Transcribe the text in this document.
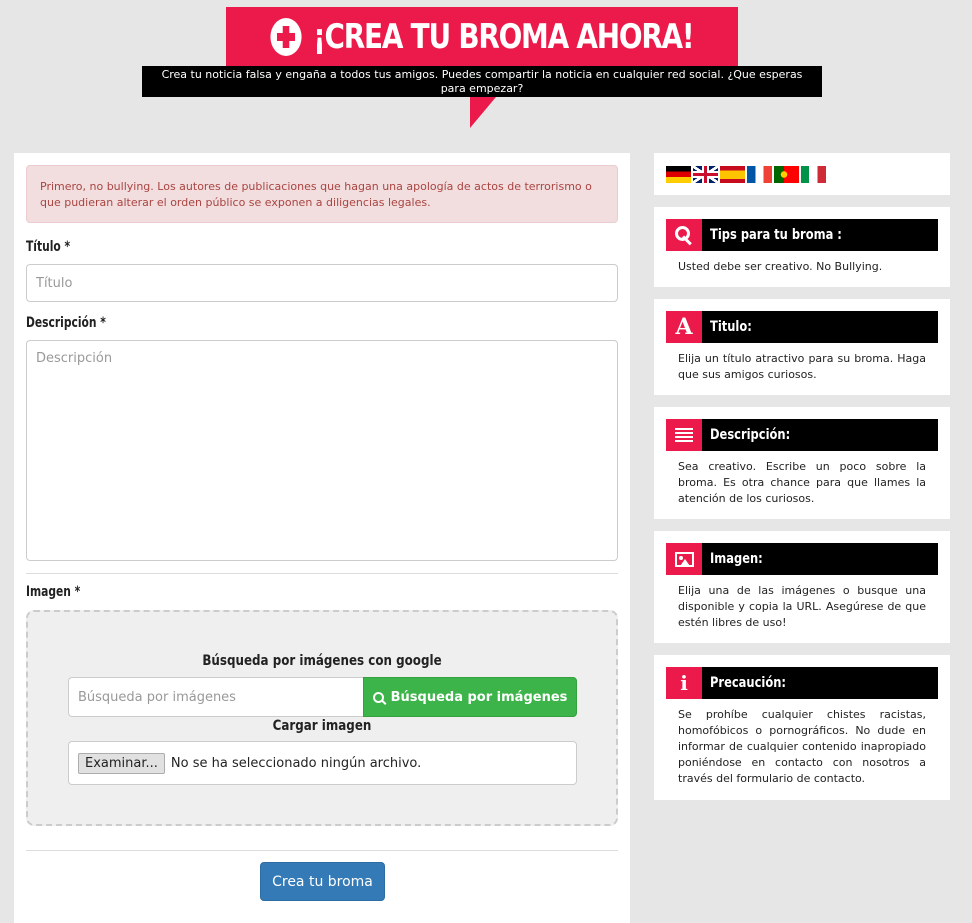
¡CREA TU BROMA AHORA!
Crea tu noticia falsa y engaña a todos tus amigos. Puedes compartir la noticia en cualquier red social. ¿Que esperas para empezar?
Primero, no bullying. Los autores de publicaciones que hagan una apología de actos de terrorismo o que pudieran alterar el orden público se exponen a diligencias legales.
Título *
Título
Descripción *
Descripción
Imagen *
Búsqueda por imágenes con google
Búsqueda por imágenes
Búsqueda por imágenes
Cargar imagen
Examinar...	No se ha seleccionado ningún archivo.
Crea tu broma
Tips para tu broma :
Usted debe ser creativo. No Bullying.
A Titulo:
Elija un título atractivo para su broma. Haga que sus amigos curiosos.
Descripción:
Sea creativo. Escribe un poco sobre la broma. Es otra chance para que llames la atención de los curiosos.
Imagen:
Elija una de las imágenes o busque una disponible y copia la URL. Asegúrese de que estén libres de uso!
i Precaución:
Se prohíbe cualquier chistes racistas, homofóbicos o pornográficos. No dude en informar de cualquier contenido inapropiado poniéndose en contacto con nosotros a través del formulario de contacto.
